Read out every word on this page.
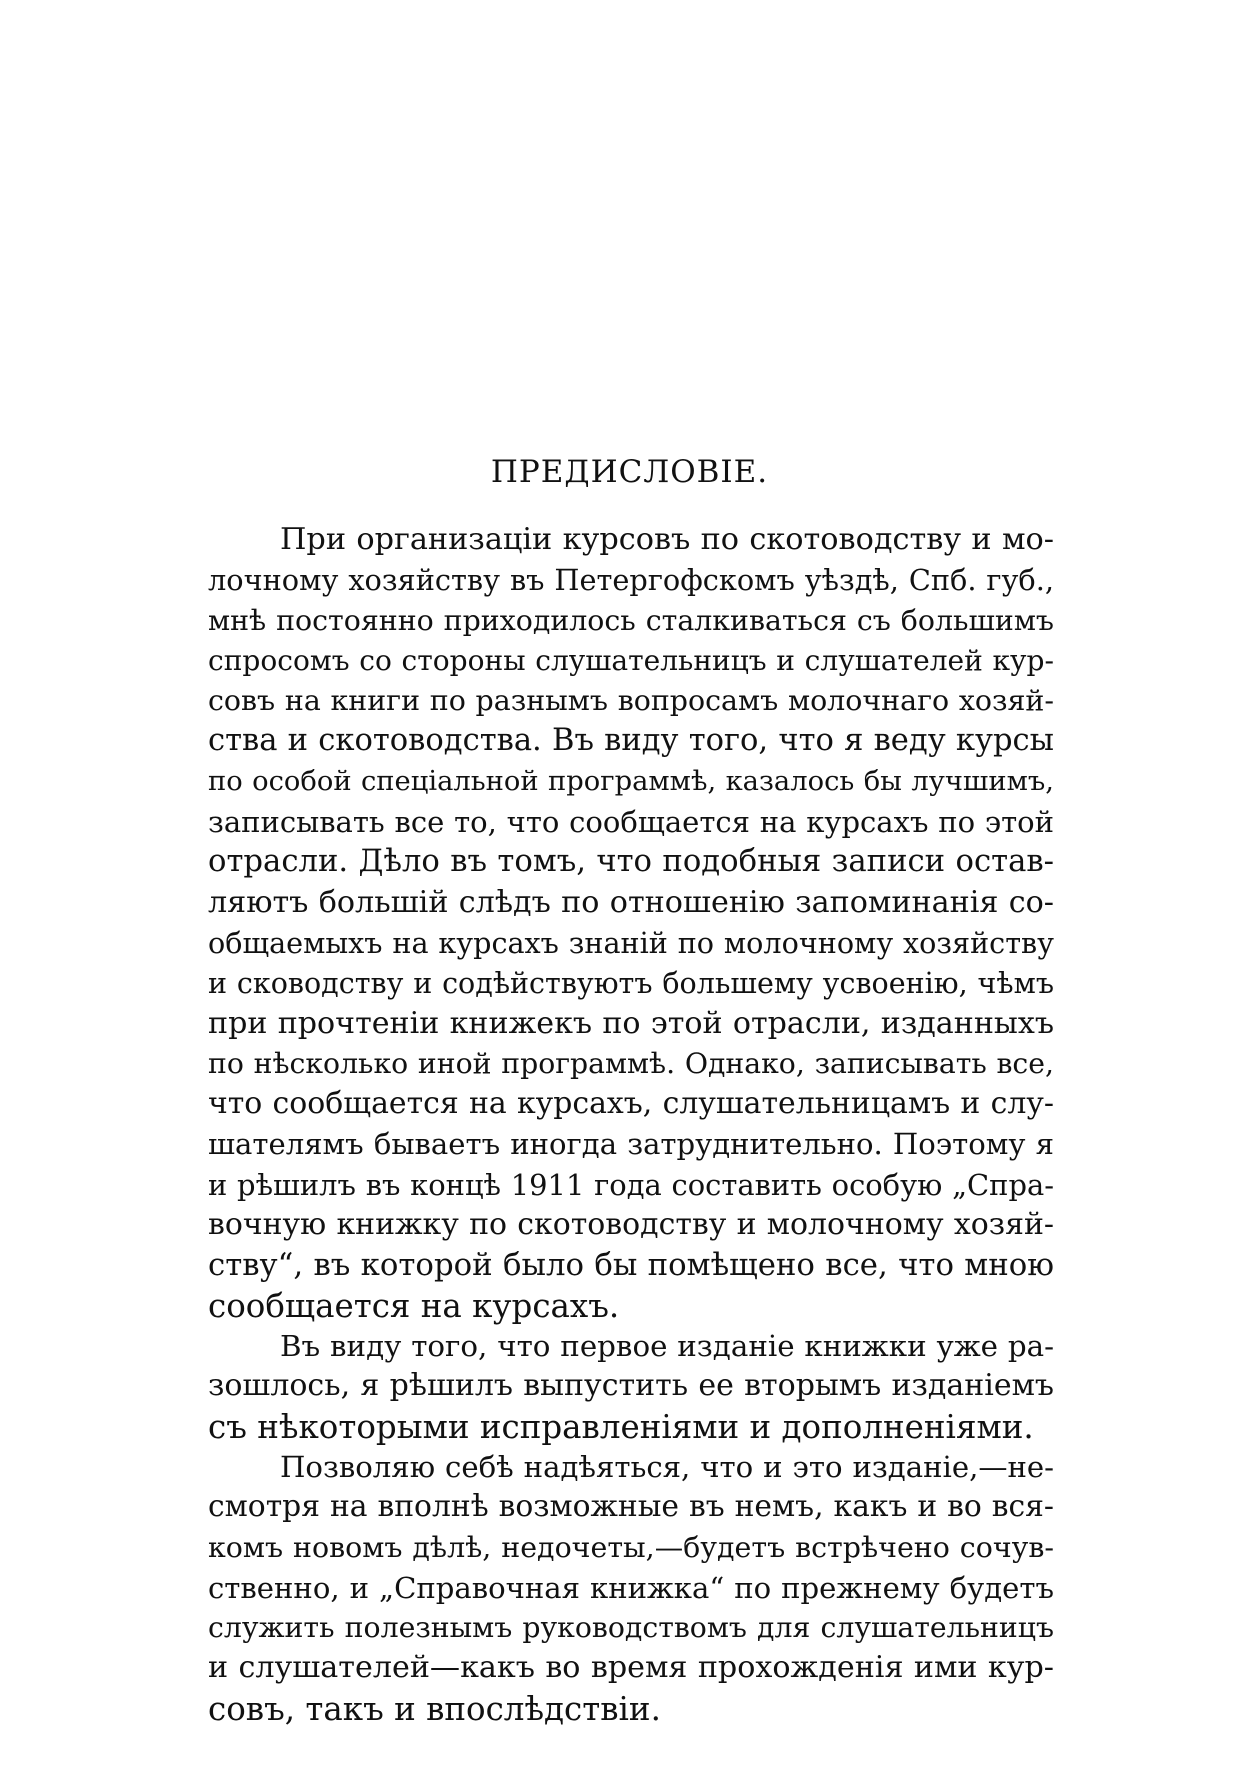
ПРЕДИСЛОВІЕ.
При организаціи курсовъ по скотоводству и мо-
лочному хозяйству въ Петергофскомъ уѣздѣ, Спб. губ.,
мнѣ постоянно приходилось сталкиваться съ большимъ
спросомъ со стороны слушательницъ и слушателей кур-
совъ на книги по разнымъ вопросамъ молочнаго хозяй-
ства и скотоводства. Въ виду того, что я веду курсы
по особой спеціальной программѣ, казалось бы лучшимъ,
записывать все то, что сообщается на курсахъ по этой
отрасли. Дѣло въ томъ, что подобныя записи остав-
ляютъ большій слѣдъ по отношенію запоминанія со-
общаемыхъ на курсахъ знаній по молочному хозяйству
и сководству и содѣйствуютъ большему усвоенію, чѣмъ
при прочтеніи книжекъ по этой отрасли, изданныхъ
по нѣсколько иной программѣ. Однако, записывать все,
что сообщается на курсахъ, слушательницамъ и слу-
шателямъ бываетъ иногда затруднительно. Поэтому я
и рѣшилъ въ концѣ 1911 года составить особую „Спра-
вочную книжку по скотоводству и молочному хозяй-
ству“, въ которой было бы помѣщено все, что мною
сообщается на курсахъ.
Въ виду того, что первое изданіе книжки уже ра-
зошлось, я рѣшилъ выпустить ее вторымъ изданіемъ
съ нѣкоторыми исправленіями и дополненіями.
Позволяю себѣ надѣяться, что и это изданіе,—не-
смотря на вполнѣ возможные въ немъ, какъ и во вся-
комъ новомъ дѣлѣ, недочеты,—будетъ встрѣчено сочув-
ственно, и „Справочная книжка“ по прежнему будетъ
служить полезнымъ руководствомъ для слушательницъ
и слушателей—какъ во время прохожденія ими кур-
совъ, такъ и впослѣдствіи.
